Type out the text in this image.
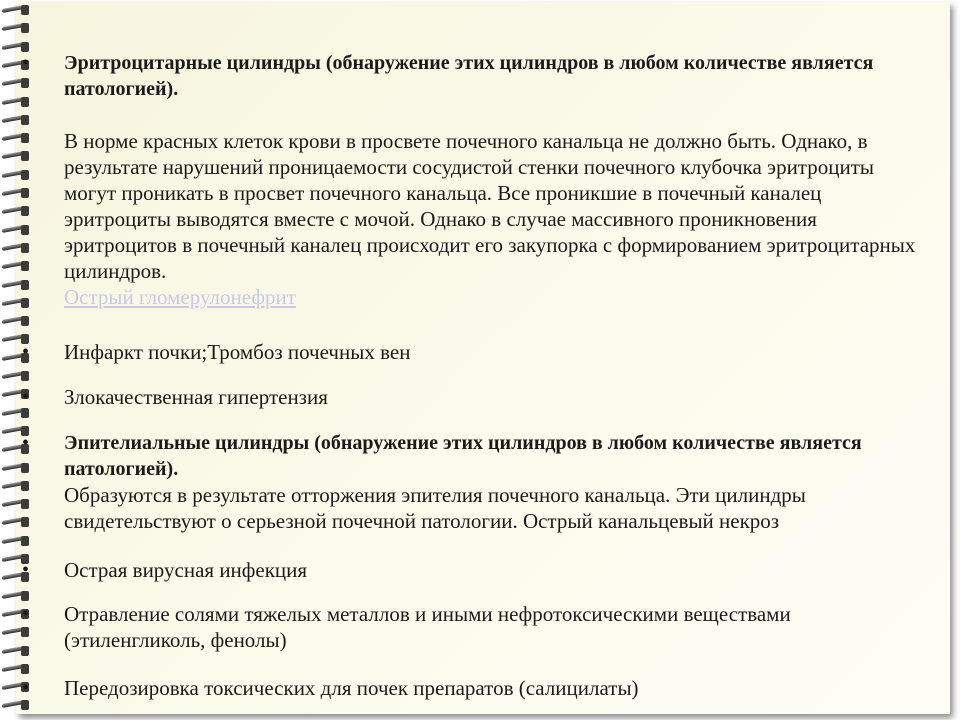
•	Эритроцитарные цилиндры (обнаружение этих цилиндров в любом количестве является патологией).
В норме красных клеток крови в просвете почечного канальца не должно быть. Однако, в результате нарушений проницаемости сосудистой стенки почечного клубочка эритроциты могут проникать в просвет почечного канальца. Все проникшие в почечный каналец эритроциты выводятся вместе с мочой. Однако в случае массивного проникновения эритроцитов в почечный каналец происходит его закупорка с формированием эритроцитарных цилиндров.
Острый гломерулонефрит
•	Инфаркт почки;Тромбоз почечных вен
•	Злокачественная гипертензия
•	Эпителиальные цилиндры (обнаружение этих цилиндров в любом количестве является патологией).
Образуются в результате отторжения эпителия почечного канальца. Эти цилиндры свидетельствуют о серьезной почечной патологии. Острый канальцевый некроз
•	Острая вирусная инфекция
•	Отравление солями тяжелых металлов и иными нефротоксическими веществами (этиленгликоль, фенолы)
•	Передозировка токсических для почек препаратов (салицилаты)
